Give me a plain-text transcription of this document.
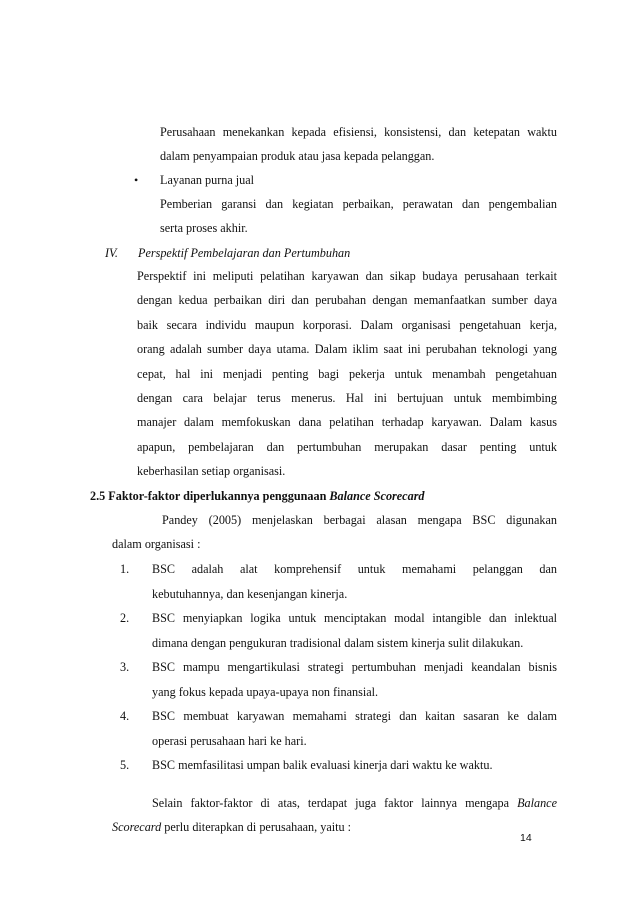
Perusahaan menekankan kepada efisiensi, konsistensi, dan ketepatan waktu
dalam penyampaian produk atau jasa kepada pelanggan.
• Layanan purna jual
Pemberian garansi dan kegiatan perbaikan, perawatan dan pengembalian
serta proses akhir.
IV. Perspektif Pembelajaran dan Pertumbuhan
Perspektif ini meliputi pelatihan karyawan dan sikap budaya perusahaan terkait
dengan kedua perbaikan diri dan perubahan dengan memanfaatkan sumber daya
baik secara individu maupun korporasi. Dalam organisasi pengetahuan kerja,
orang adalah sumber daya utama. Dalam iklim saat ini perubahan teknologi yang
cepat, hal ini menjadi penting bagi pekerja untuk menambah pengetahuan
dengan cara belajar terus menerus. Hal ini bertujuan untuk membimbing
manajer dalam memfokuskan dana pelatihan terhadap karyawan. Dalam kasus
apapun, pembelajaran dan pertumbuhan merupakan dasar penting untuk
keberhasilan setiap organisasi.
2.5 Faktor-faktor diperlukannya penggunaan Balance Scorecard
Pandey (2005) menjelaskan berbagai alasan mengapa BSC digunakan
dalam organisasi :
1. BSC adalah alat komprehensif untuk memahami pelanggan dan
kebutuhannya, dan kesenjangan kinerja.
2. BSC menyiapkan logika untuk menciptakan modal intangible dan inlektual
dimana dengan pengukuran tradisional dalam sistem kinerja sulit dilakukan.
3. BSC mampu mengartikulasi strategi pertumbuhan menjadi keandalan bisnis
yang fokus kepada upaya-upaya non finansial.
4. BSC membuat karyawan memahami strategi dan kaitan sasaran ke dalam
operasi perusahaan hari ke hari.
5. BSC memfasilitasi umpan balik evaluasi kinerja dari waktu ke waktu.
Selain faktor-faktor di atas, terdapat juga faktor lainnya mengapa Balance
Scorecard perlu diterapkan di perusahaan, yaitu :
14
